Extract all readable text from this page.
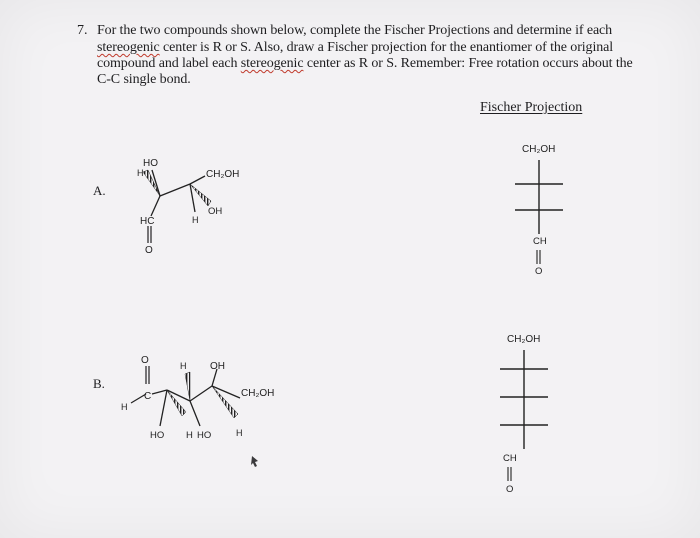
7. For the two compounds shown below, complete the Fischer Projections and determine if each
stereogenic center is R or S. Also, draw a Fischer projection for the enantiomer of the original
compound and label each stereogenic center as R or S. Remember: Free rotation occurs about the
C-C single bond.
Fischer Projection
A.
B.
HO
H	CH₂OH
OH
H
HC
O
O
C
H
H OH
CH₂OH
HO H HO	H
CH₂OH
CH
O
CH₂OH
CH
O
